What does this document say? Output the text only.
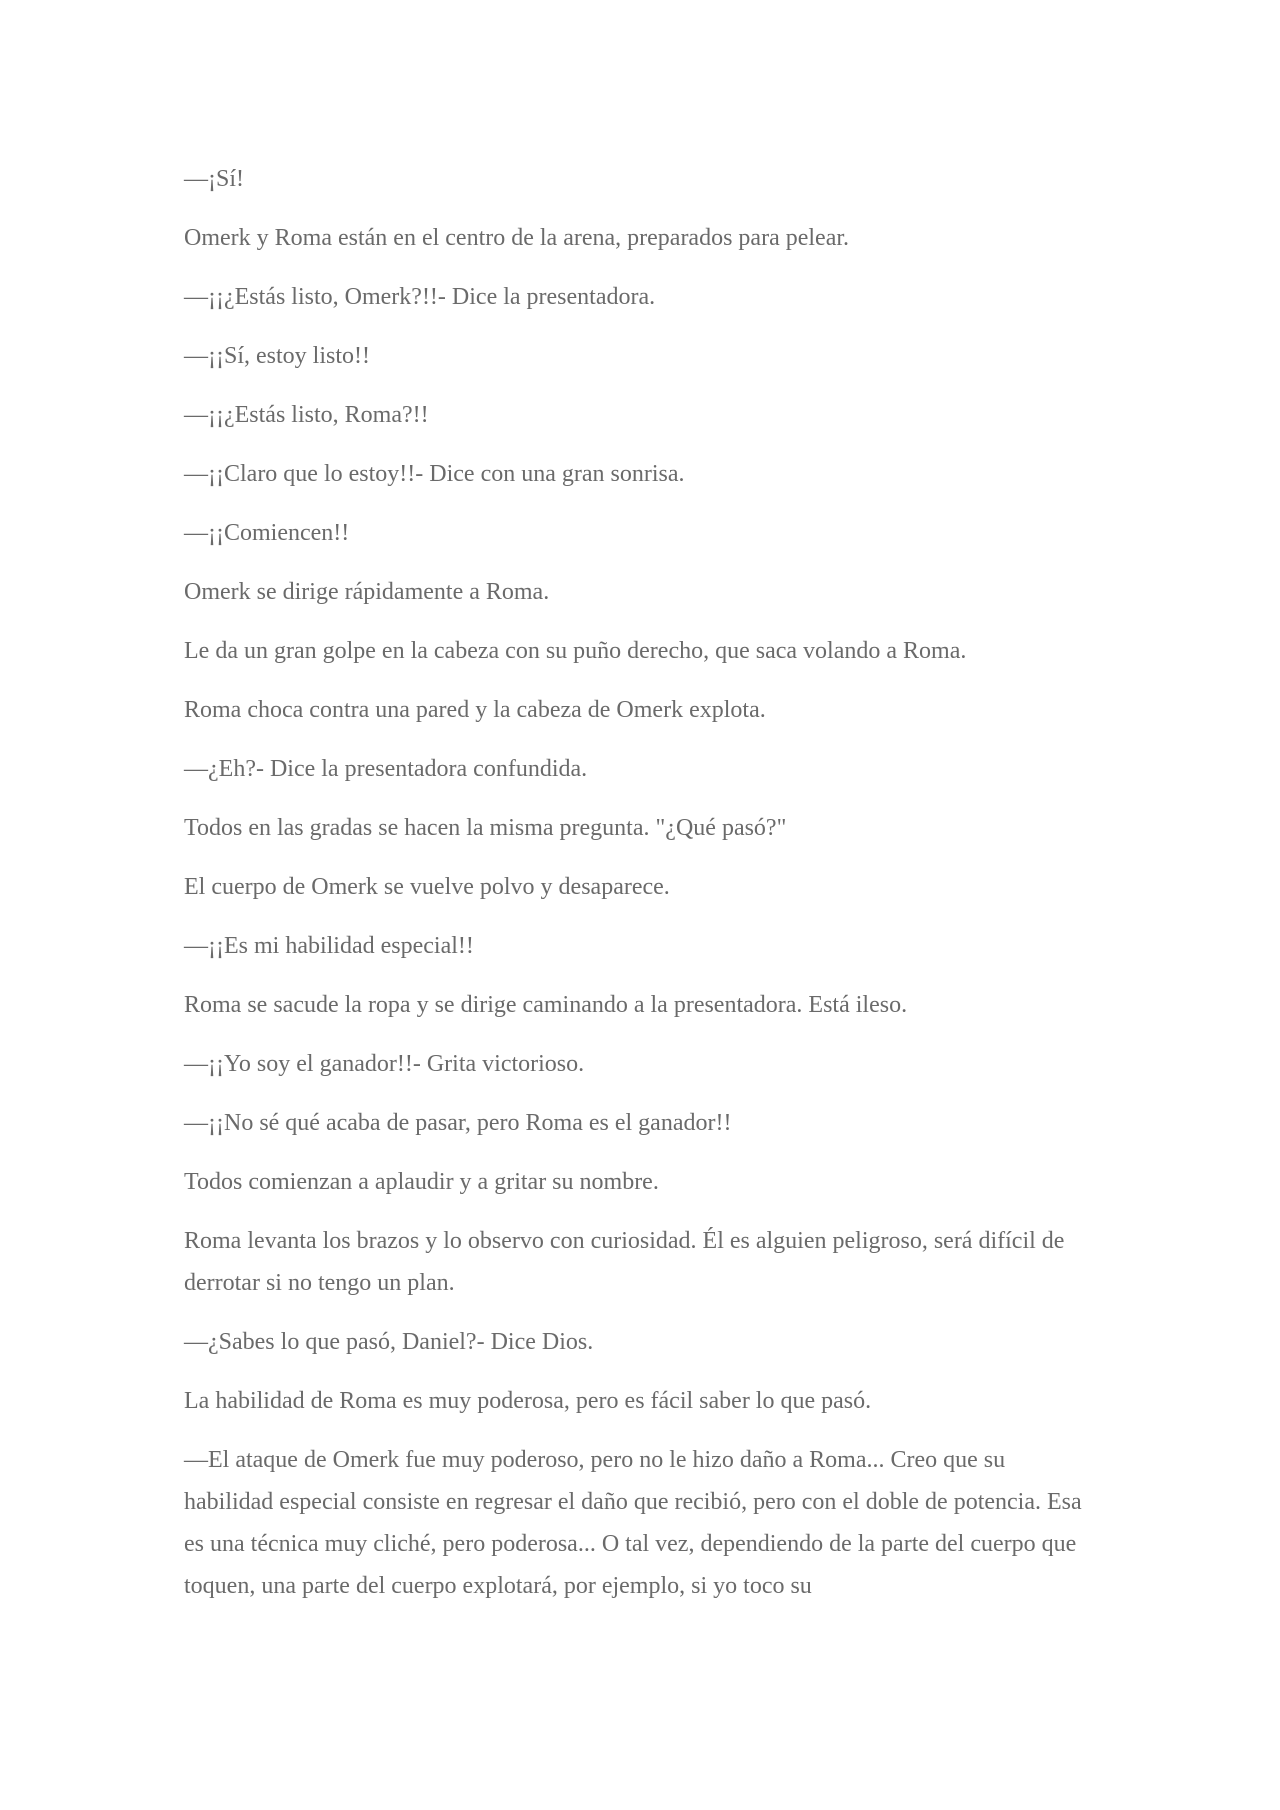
—¡Sí!

Omerk y Roma están en el centro de la arena, preparados para pelear.

—¡¡¿Estás listo, Omerk?!!- Dice la presentadora.

—¡¡Sí, estoy listo!!

—¡¡¿Estás listo, Roma?!!

—¡¡Claro que lo estoy!!- Dice con una gran sonrisa.

—¡¡Comiencen!!

Omerk se dirige rápidamente a Roma.

Le da un gran golpe en la cabeza con su puño derecho, que saca volando a Roma.

Roma choca contra una pared y la cabeza de Omerk explota.

—¿Eh?- Dice la presentadora confundida.

Todos en las gradas se hacen la misma pregunta. "¿Qué pasó?"

El cuerpo de Omerk se vuelve polvo y desaparece.

—¡¡Es mi habilidad especial!!

Roma se sacude la ropa y se dirige caminando a la presentadora. Está ileso.

—¡¡Yo soy el ganador!!- Grita victorioso.

—¡¡No sé qué acaba de pasar, pero Roma es el ganador!!

Todos comienzan a aplaudir y a gritar su nombre.

Roma levanta los brazos y lo observo con curiosidad. Él es alguien peligroso, será difícil de derrotar si no tengo un plan.

—¿Sabes lo que pasó, Daniel?- Dice Dios.

La habilidad de Roma es muy poderosa, pero es fácil saber lo que pasó.

—El ataque de Omerk fue muy poderoso, pero no le hizo daño a Roma... Creo que su habilidad especial consiste en regresar el daño que recibió, pero con el doble de potencia. Esa es una técnica muy cliché, pero poderosa... O tal vez, dependiendo de la parte del cuerpo que toquen, una parte del cuerpo explotará, por ejemplo, si yo toco su
